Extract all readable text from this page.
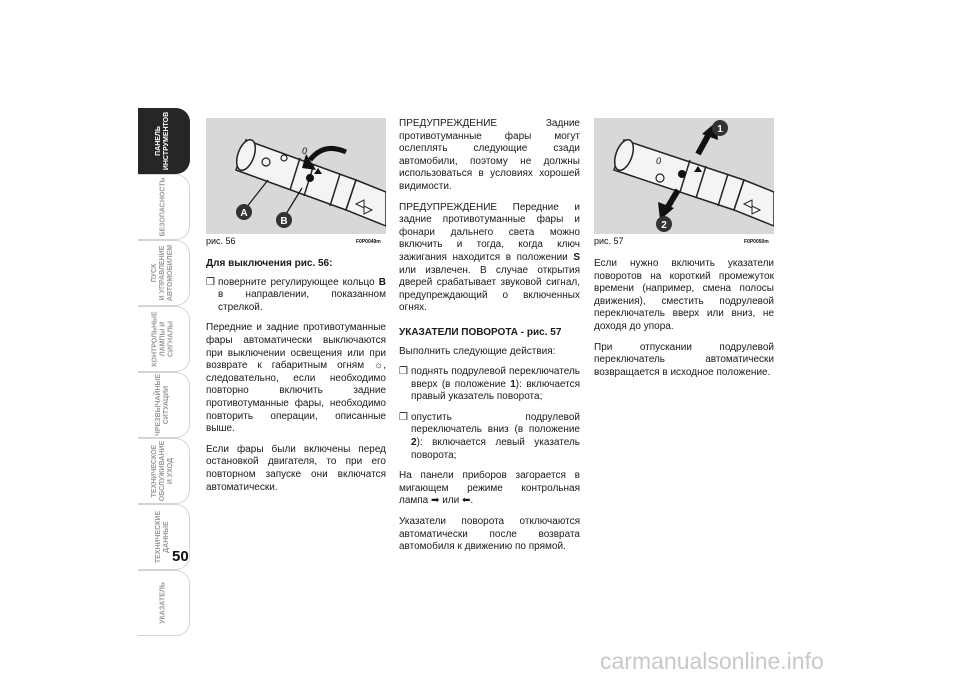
ПАНЕЛЬ
ИНСТРУМЕНТОВ
БЕЗОПАСНОСТЬ
ПУСК
И УПРАВЛЕНИЕ
АВТОМОБИЛЕМ
КОНТРОЛЬНЫЕ
ЛАМПЫ И
СИГНАЛЫ
ЧРЕЗВЫЧАЙНЫЕ
СИТУАЦИИ
ТЕХНИЧЕСКОЕ
ОБСЛУЖИВАНИЕ
И УХОД
ТЕХНИЧЕСКИЕ
ДАННЫЕ
УКАЗАТЕЛЬ
50
A
B
0
рис. 56	F0P0049m
1
2
0
рис. 57	F0P0050m

Для выключения рис. 56:

❒ поверните регулирующее кольцо B в направлении, показанном стрелкой.

Передние и задние противотуманные фары автоматически выключаются при выключении освещения или при возврате к габаритным огням ☼, следовательно, если необходимо повторно включить задние противотуманные фары, необходимо повторить операции, описанные выше.

Если фары были включены перед остановкой двигателя, то при его повторном запуске они включатся автоматически.

ПРЕДУПРЕЖДЕНИЕ Задние противотуманные фары могут ослеплять следующие сзади автомобили, поэтому не должны использоваться в условиях хорошей видимости.

ПРЕДУПРЕЖДЕНИЕ Передние и задние противотуманные фары и фонари дальнего света можно включить и тогда, когда ключ зажигания находится в положении S или извлечен. В случае открытия дверей срабатывает звуковой сигнал, предупреждающий о включенных огнях.

УКАЗАТЕЛИ ПОВОРОТА - рис. 57

Выполнить следующие действия:

❒ поднять подрулевой переключатель вверх (в положение 1): включается правый указатель поворота;
❒ опустить подрулевой переключатель вниз (в положение 2): включается левый указатель поворота;

На панели приборов загорается в мигающем режиме контрольная лампа ➡ или ⬅.

Указатели поворота отключаются автоматически после возврата автомобиля к движению по прямой.

Если нужно включить указатели поворотов на короткий промежуток времени (например, смена полосы движения), сместить подрулевой переключатель вверх или вниз, не доходя до упора.

При отпускании подрулевой переключатель автоматически возвращается в исходное положение.

carmanualsonline.info
